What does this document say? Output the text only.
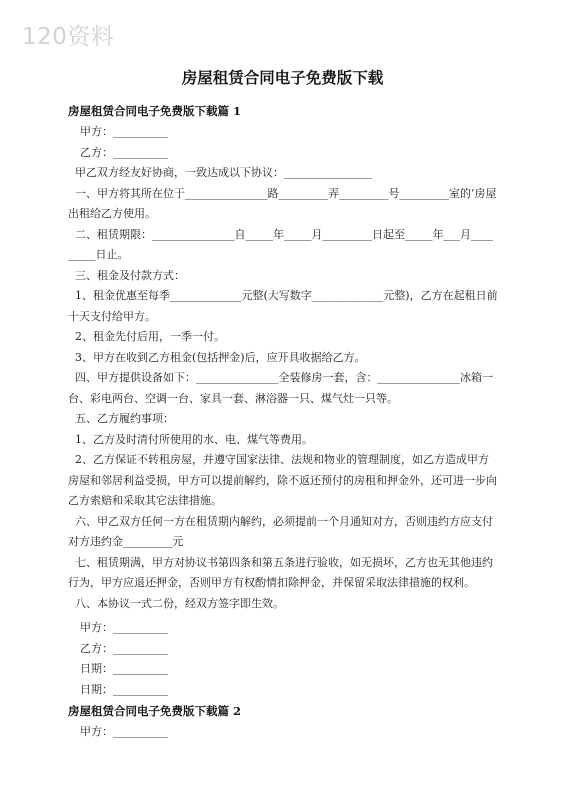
120资料
房屋租赁合同电子免费版下载
房屋租赁合同电子免费版下载篇 1

甲方：__________

乙方：__________

甲乙双方经友好协商，一致达成以下协议：________________

一、甲方将其所在位于_______________路_________弄_________号_________室的’房屋出租给乙方使用。

二、租赁期限：_______________自_____年_____月_________日起至_____年___月_________日止。

三、租金及付款方式：

1、租金优惠至每季_____________元整(大写数字_____________元整)，乙方在起租日前十天支付给甲方。

2、租金先付后用，一季一付。

3、甲方在收到乙方租金(包括押金)后，应开具收据给乙方。

四、甲方提供设备如下：_______________全装修房一套，含：_______________冰箱一台、彩电两台、空调一台、家具一套、淋浴器一只、煤气灶一只等。

五、乙方履约事项：

1、乙方及时清付所使用的水、电、煤气等费用。

2、乙方保证不转租房屋，并遵守国家法律、法规和物业的管理制度，如乙方造成甲方房屋和邻居利益受损，甲方可以提前解约，除不返还预付的房租和押金外，还可进一步向乙方索赔和采取其它法律措施。

六、甲乙双方任何一方在租赁期内解约，必须提前一个月通知对方，否则违约方应支付对方违约金_________元

七、租赁期满，甲方对协议书第四条和第五条进行验收，如无损坏，乙方也无其他违约行为，甲方应退还押金，否则甲方有权酌情扣除押金，并保留采取法律措施的权利。

八、本协议一式二份，经双方签字即生效。

甲方：__________

乙方：__________

日期：__________

日期：__________

房屋租赁合同电子免费版下载篇 2

甲方：__________
